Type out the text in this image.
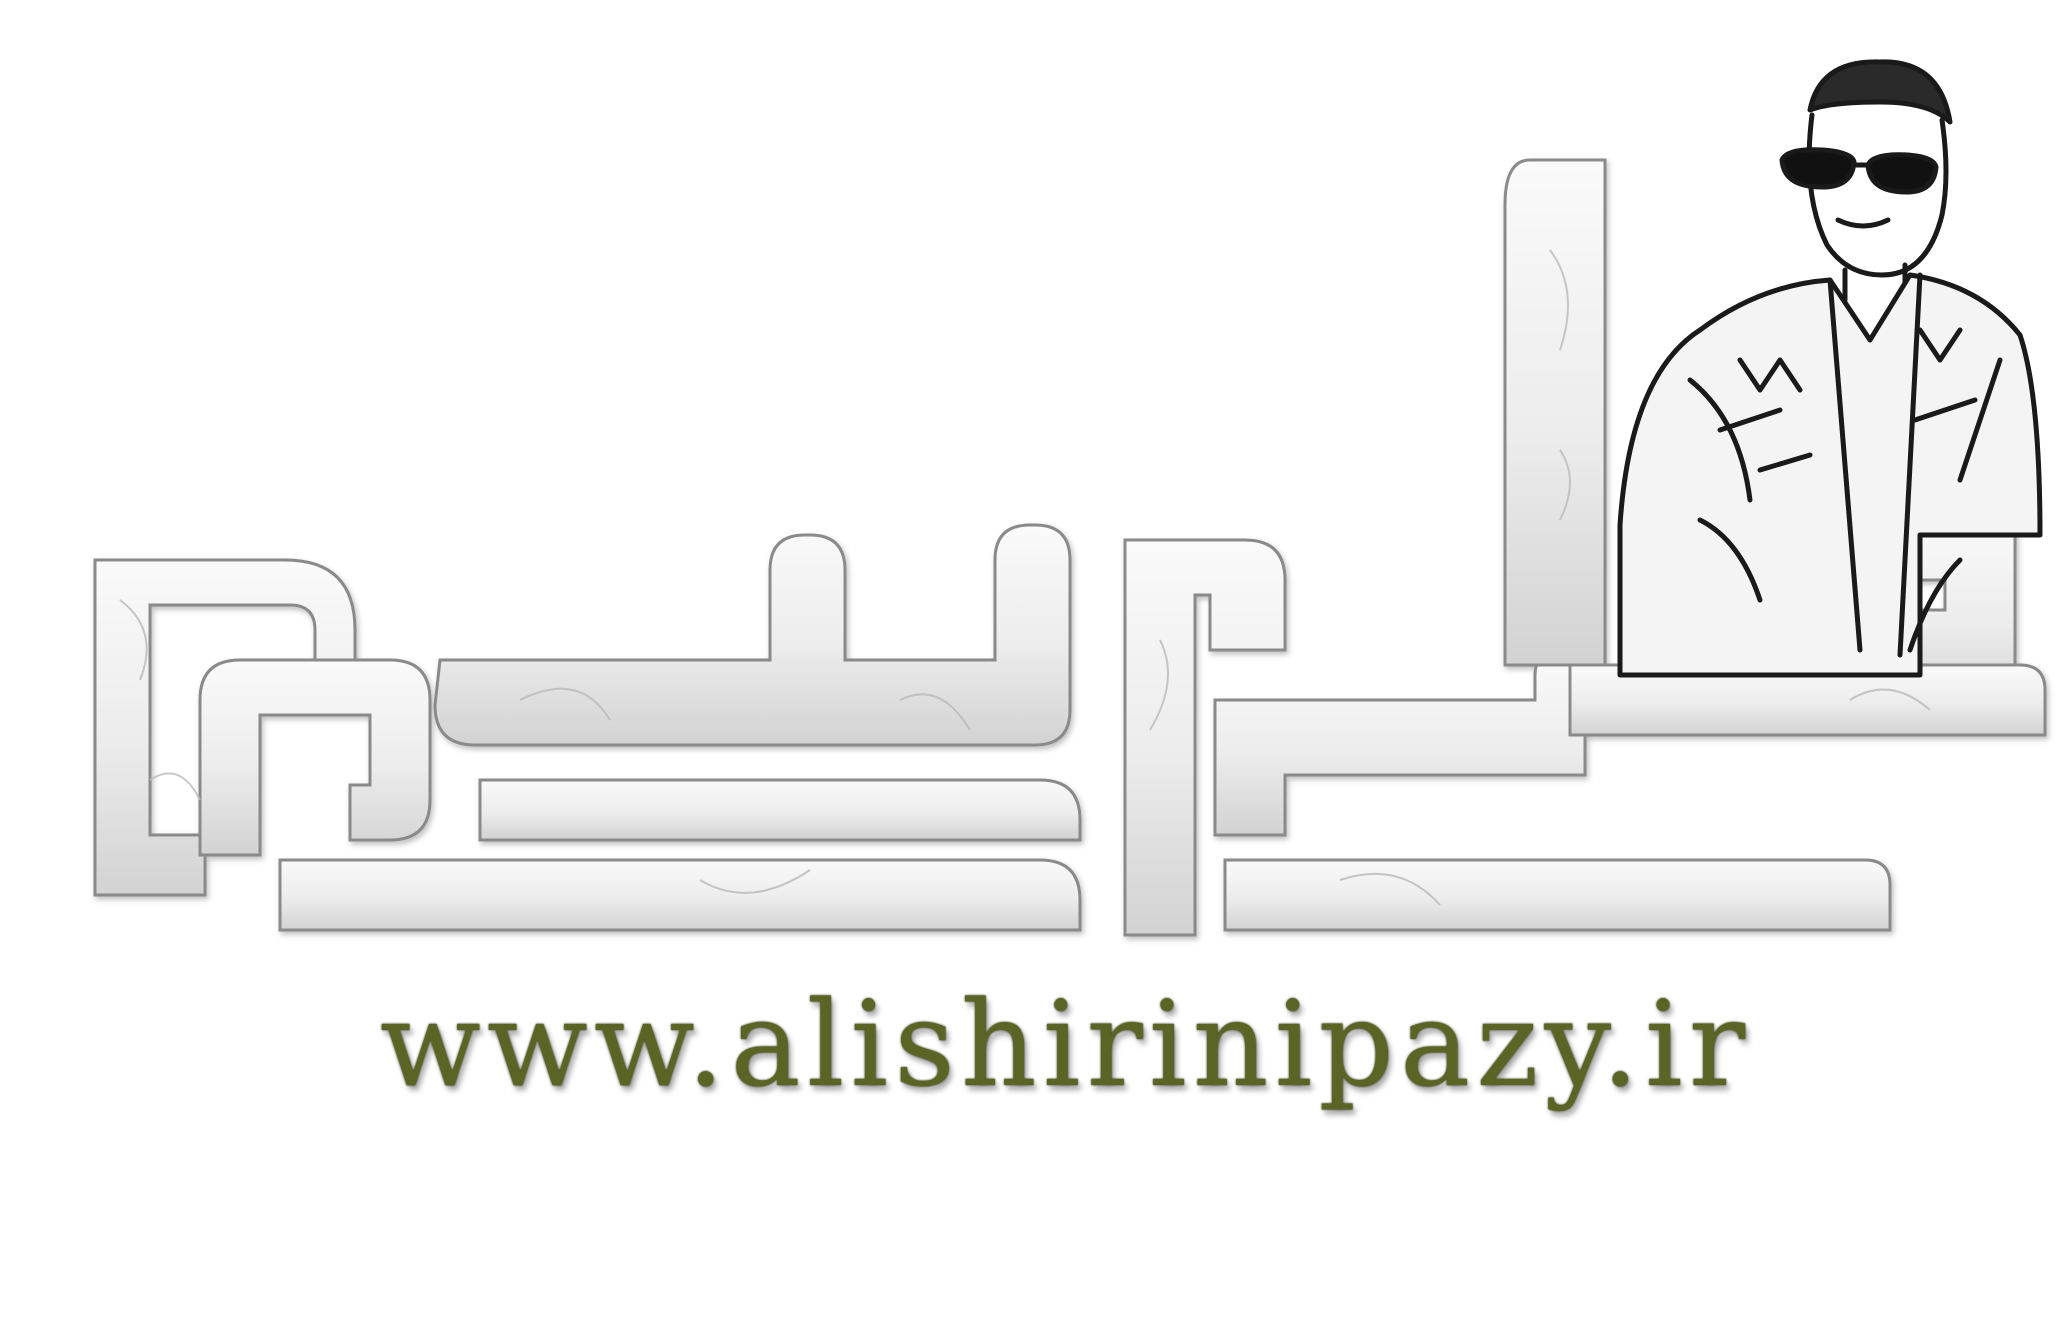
www.alishirinipazy.ir
